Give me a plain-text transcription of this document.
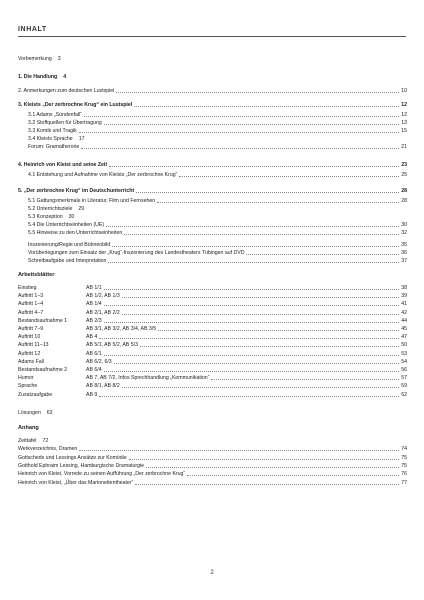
INHALT
Vorbemerkung 3
1. Die Handlung 4
2. Anmerkungen zum deutschen Lustspiel	10
3. Kleists „Der zerbrochne Krug“ ein Lustspiel	12
3.1 Adams „Sündenfall“	12
3.2 Stoffquellen für Übertragung	13
3.3 Komik und Tragik	15
3.4 Kleists Sprache 17
Forum: Gramatherorie	21
4. Heinrich von Kleist und seine Zeit	23
4.1 Entstehung und Aufnahme von Kleists „Der zerbrochne Krug“	25
5. „Der zerbrochne Krug“ im Deutschunterricht	28
5.1 Gattungsmerkmale in Literatur, Film und Fernsehen	28
5.2 Unterrichtsziele 29
5.3 Konzeption 30
5.4 Die Unterrichtseinheiten (UE)	30
5.5 Hinweise zu den Unterrichtseinheiten	32
Inszenierung/Regie und Bühnenbild	35
Vorüberlegungen zum Einsatz der „Krug“-Inszenierung des Landestheaters Tübingen auf DVD	36
Schreibaufgabe und Interpretation	37
Arbeitsblätter
Einstieg	AB 1/1	38
Auftritt 1–3	AB 1/2, AB 1/3	39
Auftritt 1–4	AB 1/4	41
Auftritt 4–7	AB 2/1, AB 2/2	42
Bestandsaufnahme 1	AB 2/3	44
Auftritt 7–9	AB 3/1, AB 3/2, AB 3/4, AB 3/5	45
Auftritt 10	AB 4	47
Auftritt 11–13	AB 5/1, AB 5/2, AB 5/3	50
Auftritt 12	AB 6/1	53
Adams Fall	AB 6/2, 6/3	54
Bestandsaufnahme 2	AB 6/4	56
Humor	AB 7, AB 7/2, Infos Sprechhandlung „Kommunikation“	57
Sprache	AB 8/1, AB 8/2	59
Zusatzaufgabe	AB 9	62
Lösungen 63
Anhang
Zeittafel 72
Werkverzeichnis, Dramen	74
Gottscheds und Lessings Ansätze zur Komödie	75
Gotthold Ephraim Lessing, Hamburgische Dramaturgie	75
Heinrich von Kleist, Vorrede zu seinen Aufführung „Der zerbrochne Krug“	76
Heinrich von Kleist, „Über das Marionettentheater“	77
2
